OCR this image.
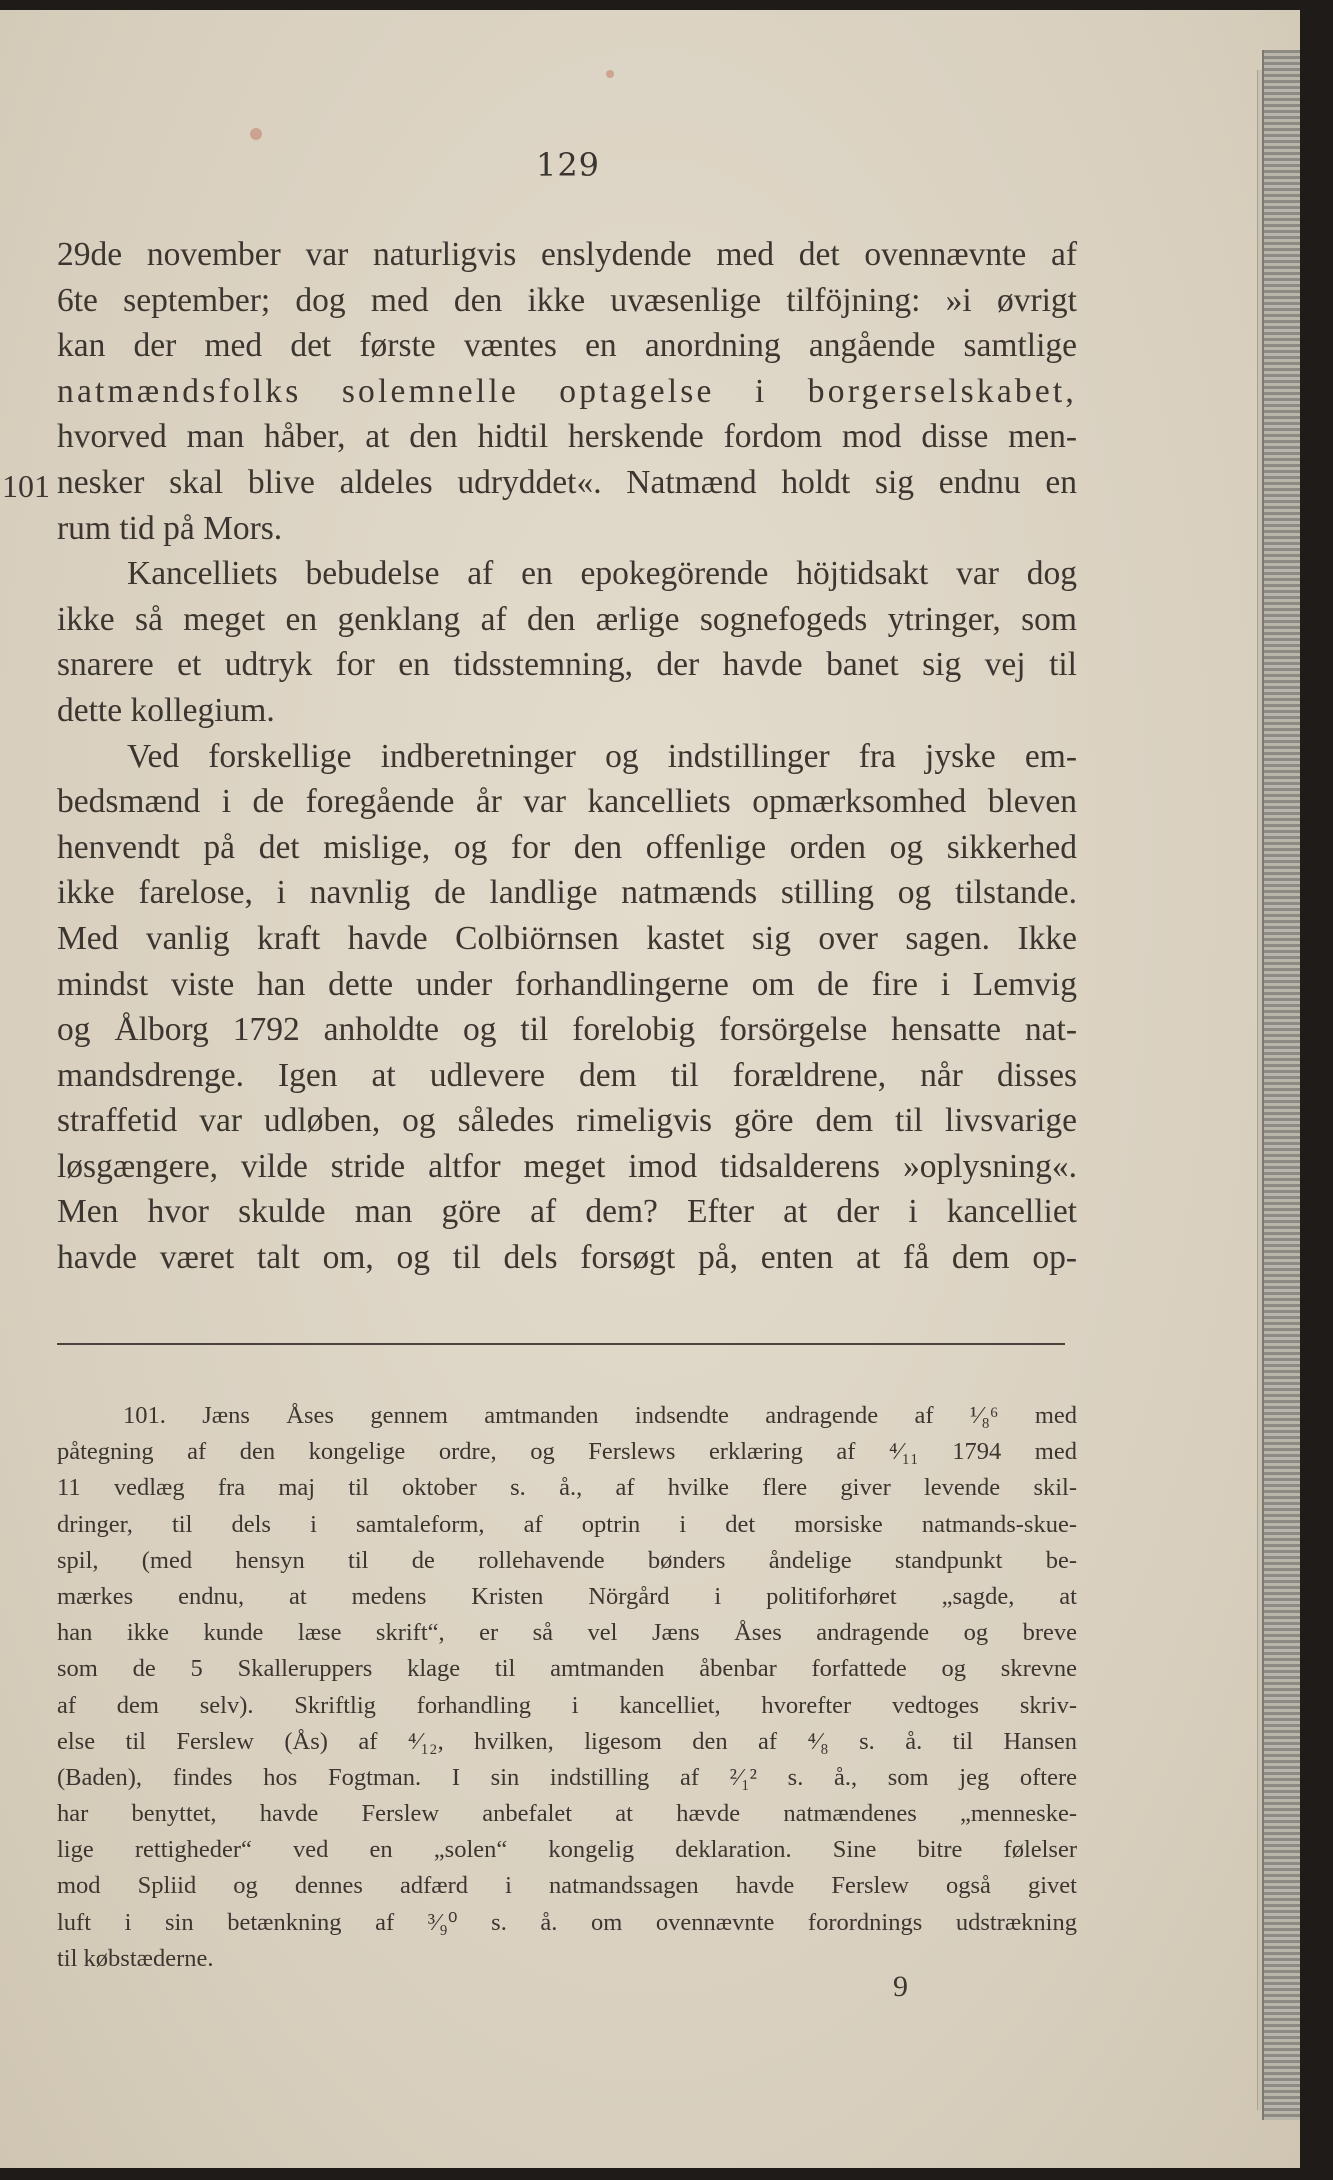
129
101
29de november var naturligvis enslydende med det ovennævnte af
6te september; dog med den ikke uvæsenlige tilföjning: »i øvrigt
kan der med det første væntes en anordning angående samtlige
natmændsfolks solemnelle optagelse i borgerselskabet,
hvorved man håber, at den hidtil herskende fordom mod disse men-
nesker skal blive aldeles udryddet«. Natmænd holdt sig endnu en
rum tid på Mors.
Kancelliets bebudelse af en epokegörende höjtidsakt var dog
ikke så meget en genklang af den ærlige sognefogeds ytringer, som
snarere et udtryk for en tidsstemning, der havde banet sig vej til
dette kollegium.
Ved forskellige indberetninger og indstillinger fra jyske em-
bedsmænd i de foregående år var kancelliets opmærksomhed bleven
henvendt på det mislige, og for den offenlige orden og sikkerhed
ikke farelose, i navnlig de landlige natmænds stilling og tilstande.
Med vanlig kraft havde Colbiörnsen kastet sig over sagen. Ikke
mindst viste han dette under forhandlingerne om de fire i Lemvig
og Ålborg 1792 anholdte og til forelobig forsörgelse hensatte nat-
mandsdrenge. Igen at udlevere dem til forældrene, når disses
straffetid var udløben, og således rimeligvis göre dem til livsvarige
løsgængere, vilde stride altfor meget imod tidsalderens »oplysning«.
Men hvor skulde man göre af dem? Efter at der i kancelliet
havde været talt om, og til dels forsøgt på, enten at få dem op-
101. Jæns Åses gennem amtmanden indsendte andragende af ¹⁄₈⁶ med
påtegning af den kongelige ordre, og Ferslews erklæring af ⁴⁄₁₁ 1794 med
11 vedlæg fra maj til oktober s. å., af hvilke flere giver levende skil-
dringer, til dels i samtaleform, af optrin i det morsiske natmands-skue-
spil, (med hensyn til de rollehavende bønders åndelige standpunkt be-
mærkes endnu, at medens Kristen Nörgård i politiforhøret „sagde, at
han ikke kunde læse skrift“, er så vel Jæns Åses andragende og breve
som de 5 Skalleruppers klage til amtmanden åbenbar forfattede og skrevne
af dem selv). Skriftlig forhandling i kancelliet, hvorefter vedtoges skriv-
else til Ferslew (Ås) af ⁴⁄₁₂, hvilken, ligesom den af ⁴⁄₈ s. å. til Hansen
(Baden), findes hos Fogtman. I sin indstilling af ²⁄₁² s. å., som jeg oftere
har benyttet, havde Ferslew anbefalet at hævde natmændenes „menneske-
lige rettigheder“ ved en „solen“ kongelig deklaration. Sine bitre følelser
mod Spliid og dennes adfærd i natmandssagen havde Ferslew også givet
luft i sin betænkning af ³⁄₉⁰ s. å. om ovennævnte forordnings udstrækning
til købstæderne.
9
